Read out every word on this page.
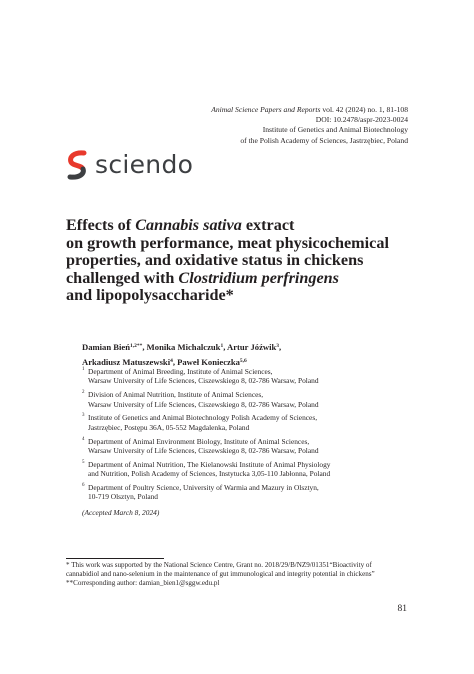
Animal Science Papers and Reports vol. 42 (2024) no. 1, 81-108
DOI: 10.2478/aspr-2023-0024
Institute of Genetics and Animal Biotechnology
of the Polish Academy of Sciences, Jastrzębiec, Poland
sciendo
Effects of Cannabis sativa extract
on growth performance, meat physicochemical
properties, and oxidative status in chickens
challenged with Clostridium perfringens
and lipopolysaccharide*
Damian Bień$^{1,2**}$, Monika Michalczuk$^1$, Artur Jóźwik$^3$,
Arkadiusz Matuszewski$^4$, Paweł Konieczka$^{5,6}$
1 Department of Animal Breeding, Institute of Animal Sciences,
Warsaw University of Life Sciences, Ciszewskiego 8, 02-786 Warsaw, Poland
2 Division of Animal Nutrition, Institute of Animal Sciences,
Warsaw University of Life Sciences, Ciszewskiego 8, 02-786 Warsaw, Poland
3 Institute of Genetics and Animal Biotechnology Polish Academy of Sciences,
Jastrzębiec, Postępu 36A, 05-552 Magdalenka, Poland
4 Department of Animal Environment Biology, Institute of Animal Sciences,
Warsaw University of Life Sciences, Ciszewskiego 8, 02-786 Warsaw, Poland
5 Department of Animal Nutrition, The Kielanowski Institute of Animal Physiology
and Nutrition, Polish Academy of Sciences, Instytucka 3,05-110 Jabłonna, Poland
6 Department of Poultry Science, University of Warmia and Mazury in Olsztyn,
10-719 Olsztyn, Poland
(Accepted March 8, 2024)
* This work was supported by the National Science Centre, Grant no. 2018/29/B/NZ9/01351“Bioactivity of
cannabidiol and nano-selenium in the maintenance of gut immunological and integrity potential in chickens”
**Corresponding author: damian_bien1@sggw.edu.pl
81
